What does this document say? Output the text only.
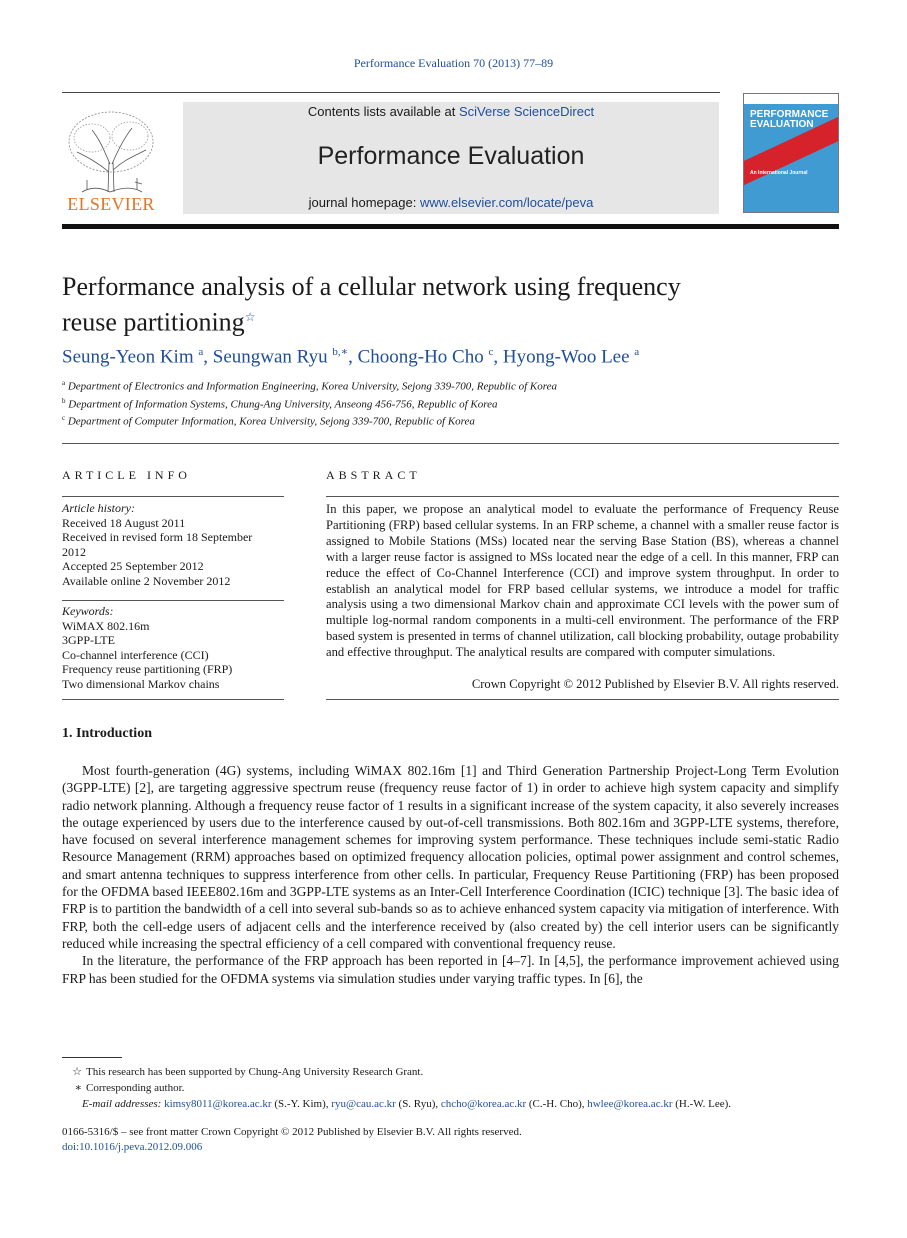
Performance Evaluation 70 (2013) 77–89
ELSEVIER
Contents lists available at SciVerse ScienceDirect
Performance Evaluation
journal homepage: www.elsevier.com/locate/peva
PERFORMANCE
EVALUATION
An International Journal
Performance analysis of a cellular network using frequency
reuse partitioning☆
Seung-Yeon Kim $^a$, Seungwan Ryu $^{b,∗}$, Choong-Ho Cho $^c$, Hyong-Woo Lee $^a$
$^a$ Department of Electronics and Information Engineering, Korea University, Sejong 339-700, Republic of Korea
$^b$ Department of Information Systems, Chung-Ang University, Anseong 456-756, Republic of Korea
$^c$ Department of Computer Information, Korea University, Sejong 339-700, Republic of Korea
ARTICLE INFO	ABSTRACT
Article history:
Received 18 August 2011
Received in revised form 18 September
2012
Accepted 25 September 2012
Available online 2 November 2012
Keywords:
WiMAX 802.16m
3GPP-LTE
Co-channel interference (CCI)
Frequency reuse partitioning (FRP)
Two dimensional Markov chains
In this paper, we propose an analytical model to evaluate the performance of Frequency Reuse Partitioning (FRP) based cellular systems. In an FRP scheme, a channel with a smaller reuse factor is assigned to Mobile Stations (MSs) located near the serving Base Station (BS), whereas a channel with a larger reuse factor is assigned to MSs located near the edge of a cell. In this manner, FRP can reduce the effect of Co-Channel Interference (CCI) and improve system throughput. In order to establish an analytical model for FRP based cellular systems, we introduce a model for traffic analysis using a two dimensional Markov chain and approximate CCI levels with the power sum of multiple log-normal random components in a multi-cell environment. The performance of the FRP based system is presented in terms of channel utilization, call blocking probability, outage probability and effective throughput. The analytical results are compared with computer simulations.
Crown Copyright © 2012 Published by Elsevier B.V. All rights reserved.
1. Introduction

Most fourth-generation (4G) systems, including WiMAX 802.16m [1] and Third Generation Partnership Project-Long Term Evolution (3GPP-LTE) [2], are targeting aggressive spectrum reuse (frequency reuse factor of 1) in order to achieve high system capacity and simplify radio network planning. Although a frequency reuse factor of 1 results in a significant increase of the system capacity, it also severely increases the outage experienced by users due to the interference caused by out-of-cell transmissions. Both 802.16m and 3GPP-LTE systems, therefore, have focused on several interference management schemes for improving system performance. These techniques include semi-static Radio Resource Management (RRM) approaches based on optimized frequency allocation policies, optimal power assignment and control schemes, and smart antenna techniques to suppress interference from other cells. In particular, Frequency Reuse Partitioning (FRP) has been proposed for the OFDMA based IEEE802.16m and 3GPP-LTE systems as an Inter-Cell Interference Coordination (ICIC) technique [3]. The basic idea of FRP is to partition the bandwidth of a cell into several sub-bands so as to achieve enhanced system capacity via mitigation of interference. With FRP, both the cell-edge users of adjacent cells and the interference received by (also created by) the cell interior users can be significantly reduced while increasing the spectral efficiency of a cell compared with conventional frequency reuse.

In the literature, the performance of the FRP approach has been reported in [4–7]. In [4,5], the performance improvement achieved using FRP has been studied for the OFDMA systems via simulation studies under varying traffic types. In [6], the

☆ This research has been supported by Chung-Ang University Research Grant.
∗ Corresponding author.
E-mail addresses: kimsy8011@korea.ac.kr (S.-Y. Kim), ryu@cau.ac.kr (S. Ryu), chcho@korea.ac.kr (C.-H. Cho), hwlee@korea.ac.kr (H.-W. Lee).
0166-5316/$ – see front matter Crown Copyright © 2012 Published by Elsevier B.V. All rights reserved.
doi:10.1016/j.peva.2012.09.006
